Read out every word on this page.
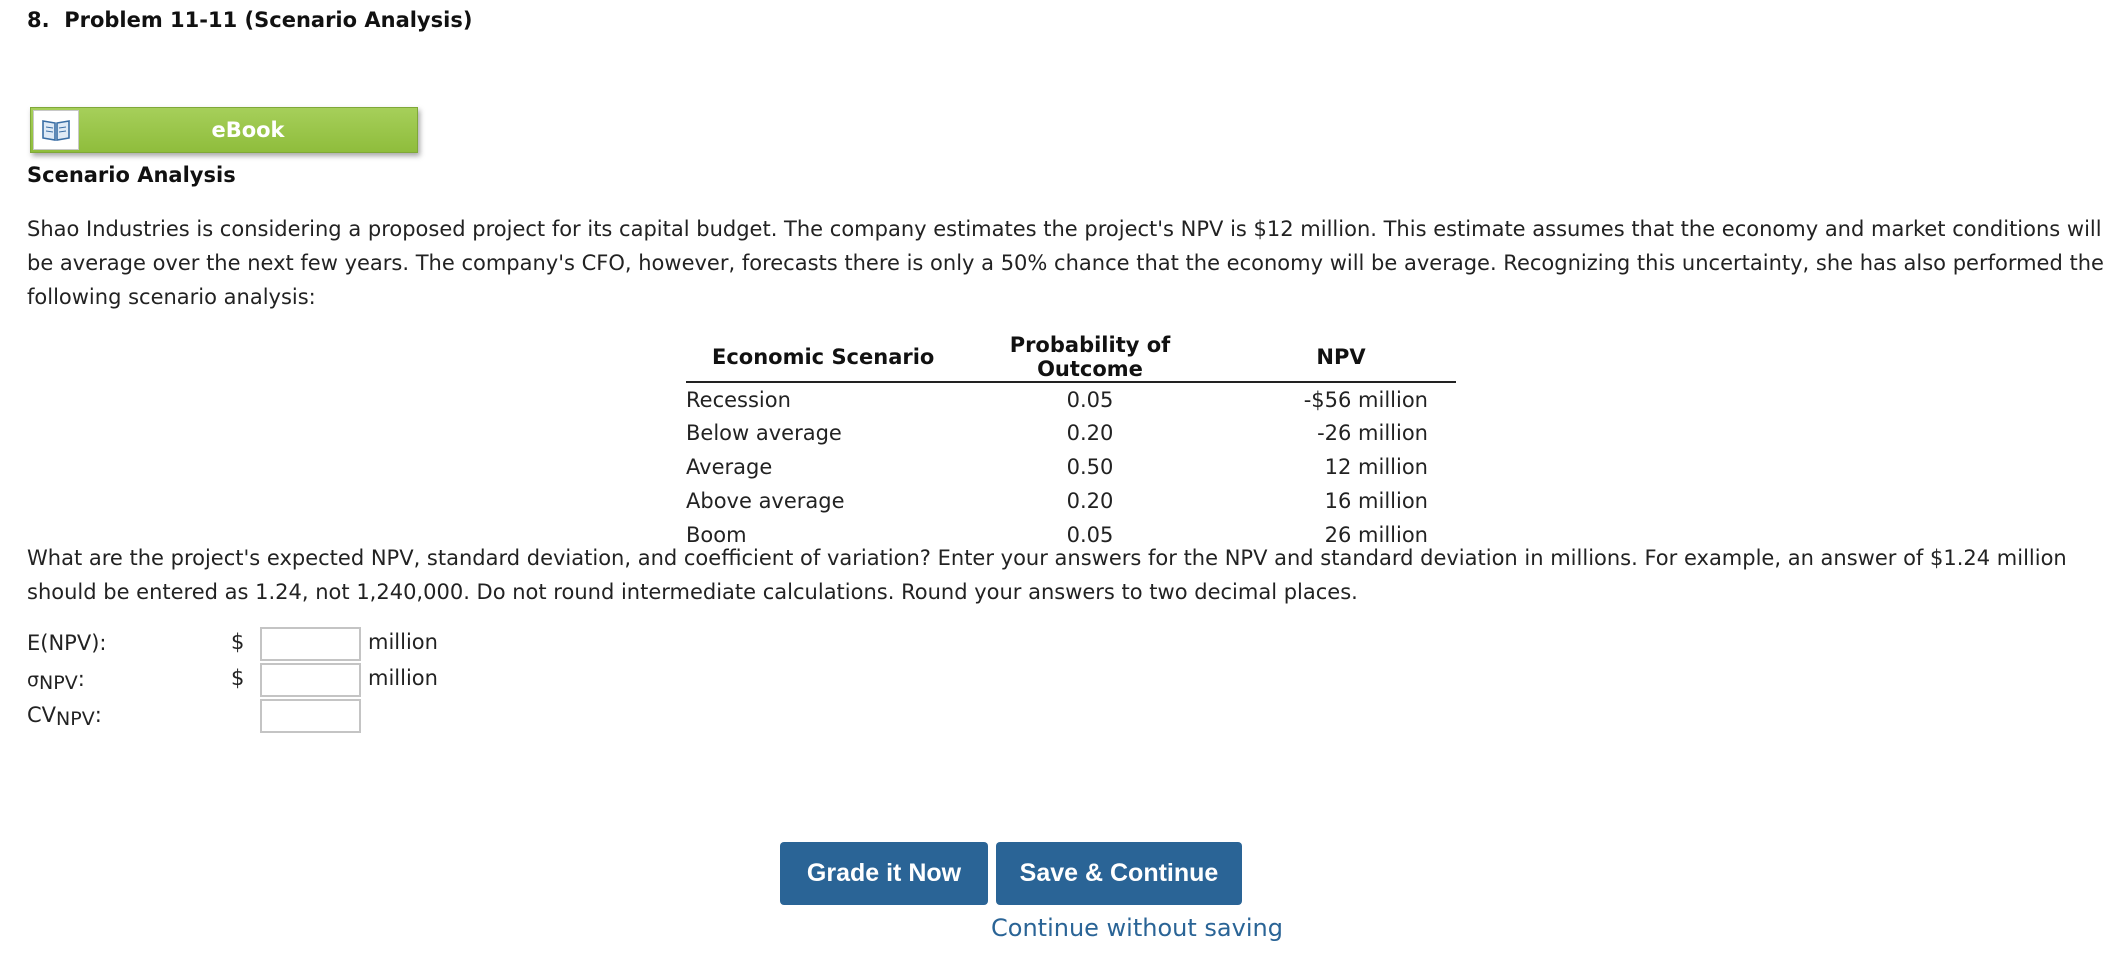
8. Problem 11-11 (Scenario Analysis)
eBook
Scenario Analysis

Shao Industries is considering a proposed project for its capital budget. The company estimates the project's NPV is $12 million. This estimate assumes that the economy and market conditions will be average over the next few years. The company's CFO, however, forecasts there is only a 50% chance that the economy will be average. Recognizing this uncertainty, she has also performed the following scenario analysis:

Economic Scenario	Probability of Outcome	NPV
Recession	0.05	-$56 million
Below average	0.20	-26 million
Average	0.50	12 million
Above average	0.20	16 million
Boom	0.05	26 million

What are the project's expected NPV, standard deviation, and coefficient of variation? Enter your answers for the NPV and standard deviation in millions. For example, an answer of $1.24 million should be entered as 1.24, not 1,240,000. Do not round intermediate calculations. Round your answers to two decimal places.

E(NPV):	$	million
σNPV:	$	million
CVNPV:
Grade it Now	Save & Continue
Continue without saving
